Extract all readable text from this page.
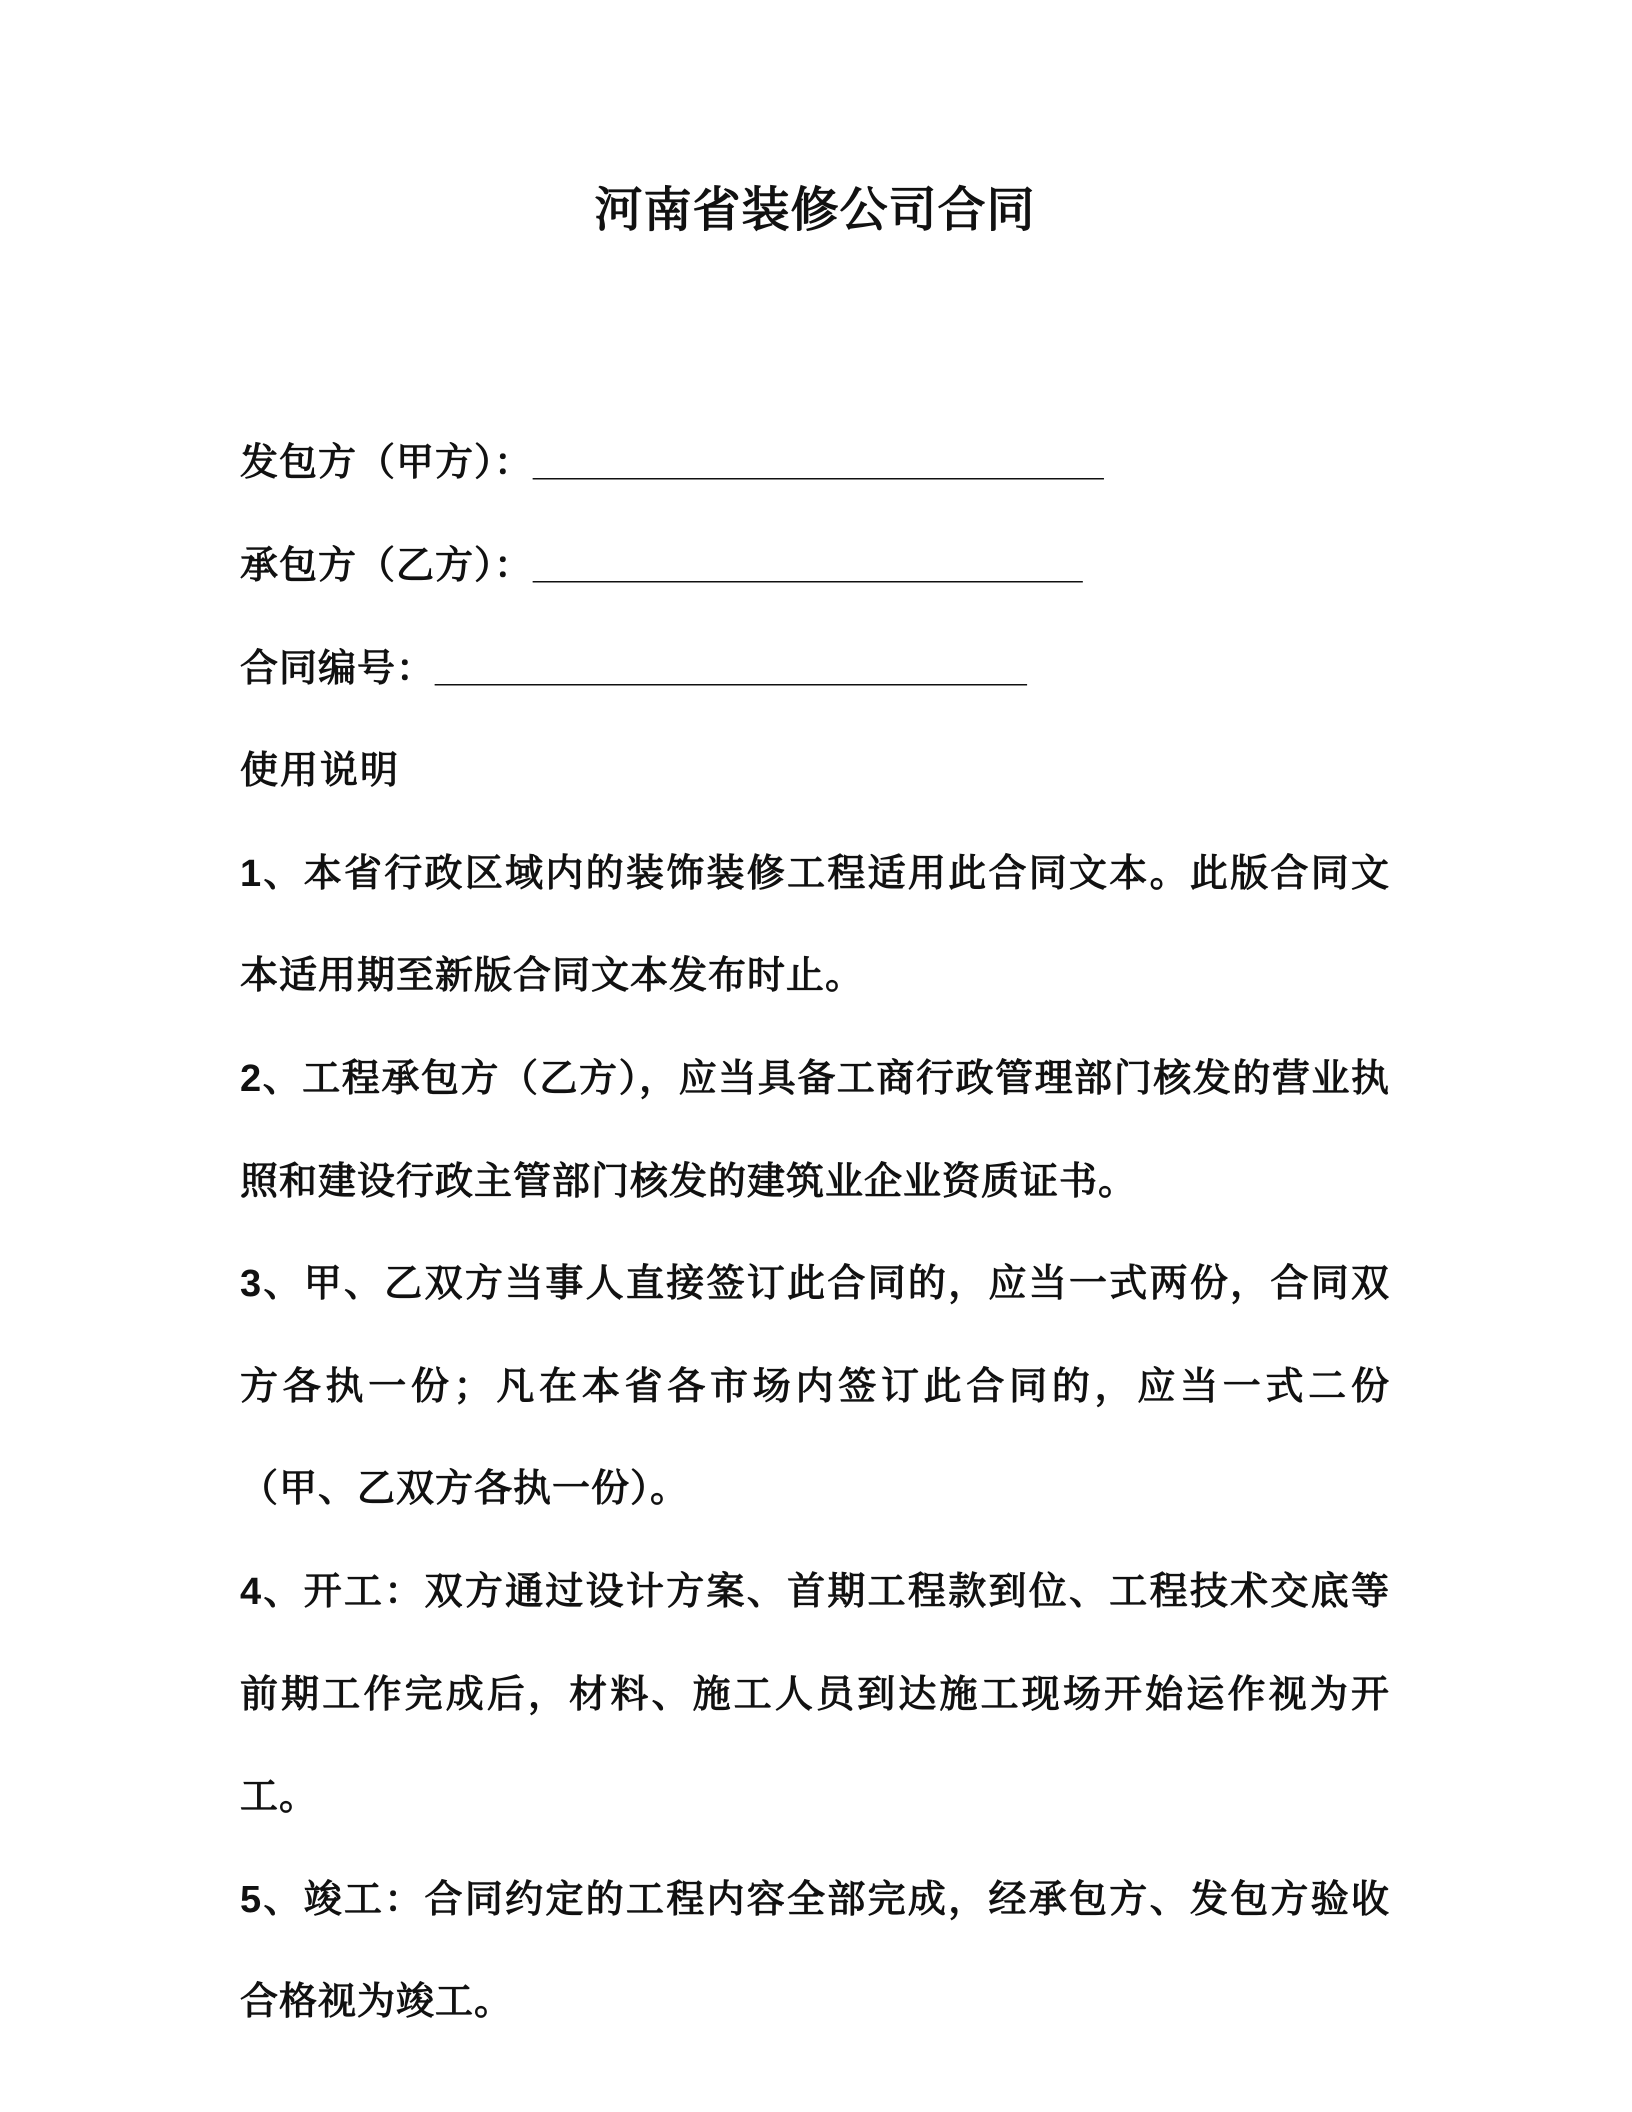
河南省装修公司合同
发包方（甲方）：___________________________
承包方（乙方）：__________________________
合同编号：____________________________
使用说明

1、本省行政区域内的装饰装修工程适用此合同文本。此版合同文本适用期至新版合同文本发布时止。

2、工程承包方（乙方），应当具备工商行政管理部门核发的营业执照和建设行政主管部门核发的建筑业企业资质证书。

3、甲、乙双方当事人直接签订此合同的，应当一式两份，合同双方各执一份；凡在本省各市场内签订此合同的，应当一式二份（甲、乙双方各执一份）。

4、开工：双方通过设计方案、首期工程款到位、工程技术交底等前期工作完成后，材料、施工人员到达施工现场开始运作视为开工。

5、竣工：合同约定的工程内容全部完成，经承包方、发包方验收合格视为竣工。
